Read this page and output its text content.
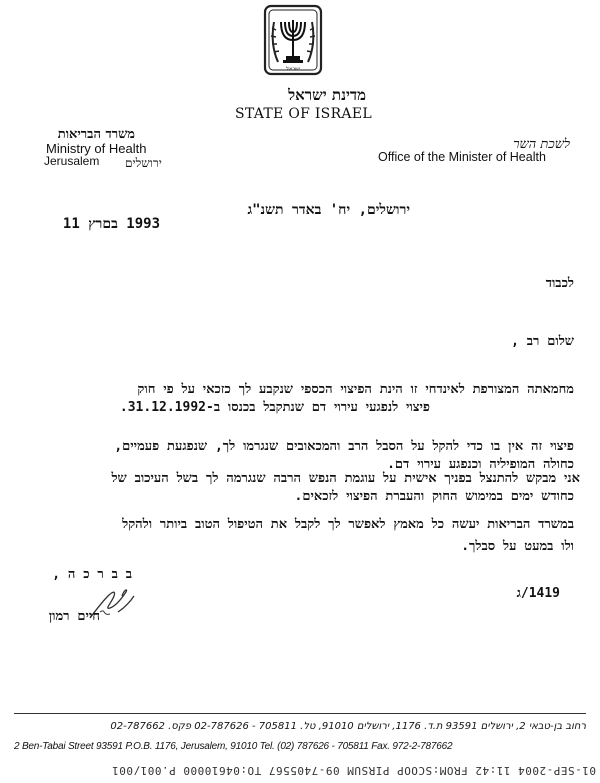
ישראל
מדינת ישראל
STATE OF ISRAEL
משרד הבריאות
Ministry of Health
Jerusalem	ירושלים
לשכת השר
Office of the Minister of Health
ירושלים, יח' באדר תשנ"ג
1993 בםרץ 11
לכבוד
שלום רב ,
מחמאתה המצורפת לאינדחי זו הינת הפיצוי הכספי שנקבע לך כזכאי על פי חוק
פיצוי לנפגעי עירוי דם שנתקבל בכנסו ב-31.12.1992.
פיצוי זה אין בו כדי להקל על הסבל הרב והמכאובים שנגרמו לך, שנפגעת פעמיים,
כחולה המופיליה וכנפגע עירוי דם.
אני מבקש להתנצל בפניך אישית על עוגמת הנפש הרבה שנגרמה לך בשל העיכוב של
כחודש ימים במימוש החוק והעברת הפיצוי לזכאים.
במשרד הבריאות יעשה כל מאמץ לאפשר לך לקבל את הטיפול הטוב ביותר ולהקל
ולו במעט על סבלך.
ב ב ר כ ה ,
חיים רמון
1419/ג
רחוב בן-טבאי 2, ירושלים 93591 ת.ד. 1176, ירושלים 91010, טל. 705811 - 02-787626 פקס. 02-787662
2 Ben-Tabai Street 93591 P.O.B. 1176, Jerusalem, 91010 Tel. (02) 787626 - 705811 Fax. 972-2-787662
01-SEP-2004 11:42 FROM:SCOOP PIRSUM 09-7405567 TO:04610000 P.001/001
